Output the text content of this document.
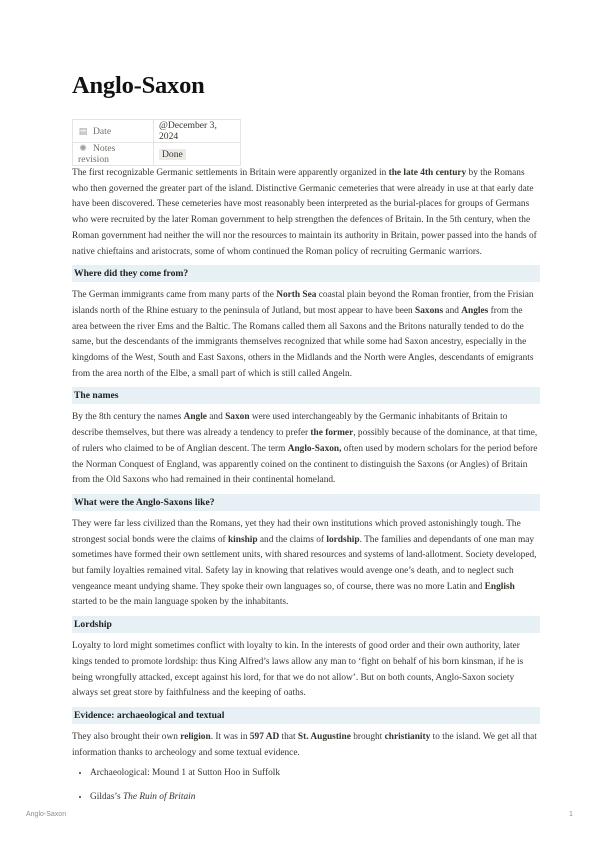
Anglo-Saxon
▤ Date	@December 3, 2024
✺ Notes revision	Done

The first recognizable Germanic settlements in Britain were apparently organized in the late 4th century by the Romans who then governed the greater part of the island. Distinctive Germanic cemeteries that were already in use at that early date have been discovered. These cemeteries have most reasonably been interpreted as the burial-places for groups of Germans who were recruited by the later Roman government to help strengthen the defences of Britain. In the 5th century, when the Roman government had neither the will nor the resources to maintain its authority in Britain, power passed into the hands of native chieftains and aristocrats, some of whom continued the Roman policy of recruiting Germanic warriors.

Where did they come from?

The German immigrants came from many parts of the North Sea coastal plain beyond the Roman frontier, from the Frisian islands north of the Rhine estuary to the peninsula of Jutland, but most appear to have been Saxons and Angles from the area between the river Ems and the Baltic. The Romans called them all Saxons and the Britons naturally tended to do the same, but the descendants of the immigrants themselves recognized that while some had Saxon ancestry, especially in the kingdoms of the West, South and East Saxons, others in the Midlands and the North were Angles, descendants of emigrants from the area north of the Elbe, a small part of which is still called Angeln.

The names

By the 8th century the names Angle and Saxon were used interchangeably by the Germanic inhabitants of Britain to describe themselves, but there was already a tendency to prefer the former, possibly because of the dominance, at that time, of rulers who claimed to be of Anglian descent. The term Anglo-Saxon, often used by modern scholars for the period before the Norman Conquest of England, was apparently coined on the continent to distinguish the Saxons (or Angles) of Britain from the Old Saxons who had remained in their continental homeland.

What were the Anglo-Saxons like?

They were far less civilized than the Romans, yet they had their own institutions which proved astonishingly tough. The strongest social bonds were the claims of kinship and the claims of lordship. The families and dependants of one man may sometimes have formed their own settlement units, with shared resources and systems of land-allotment. Society developed, but family loyalties remained vital. Safety lay in knowing that relatives would avenge one’s death, and to neglect such vengeance meant undying shame. They spoke their own languages so, of course, there was no more Latin and English started to be the main language spoken by the inhabitants.

Lordship

Loyalty to lord might sometimes conflict with loyalty to kin. In the interests of good order and their own authority, later kings tended to promote lordship: thus King Alfred’s laws allow any man to ‘fight on behalf of his born kinsman, if he is being wrongfully attacked, except against his lord, for that we do not allow’. But on both counts, Anglo-Saxon society always set great store by faithfulness and the keeping of oaths.

Evidence: archaeological and textual

They also brought their own religion. It was in 597 AD that St. Augustine brought christianity to the island. We get all that information thanks to archeology and some textual evidence.

• Archaeological: Mound 1 at Sutton Hoo in Suffolk
• Gildas’s The Ruin of Britain
Anglo-Saxon	1
